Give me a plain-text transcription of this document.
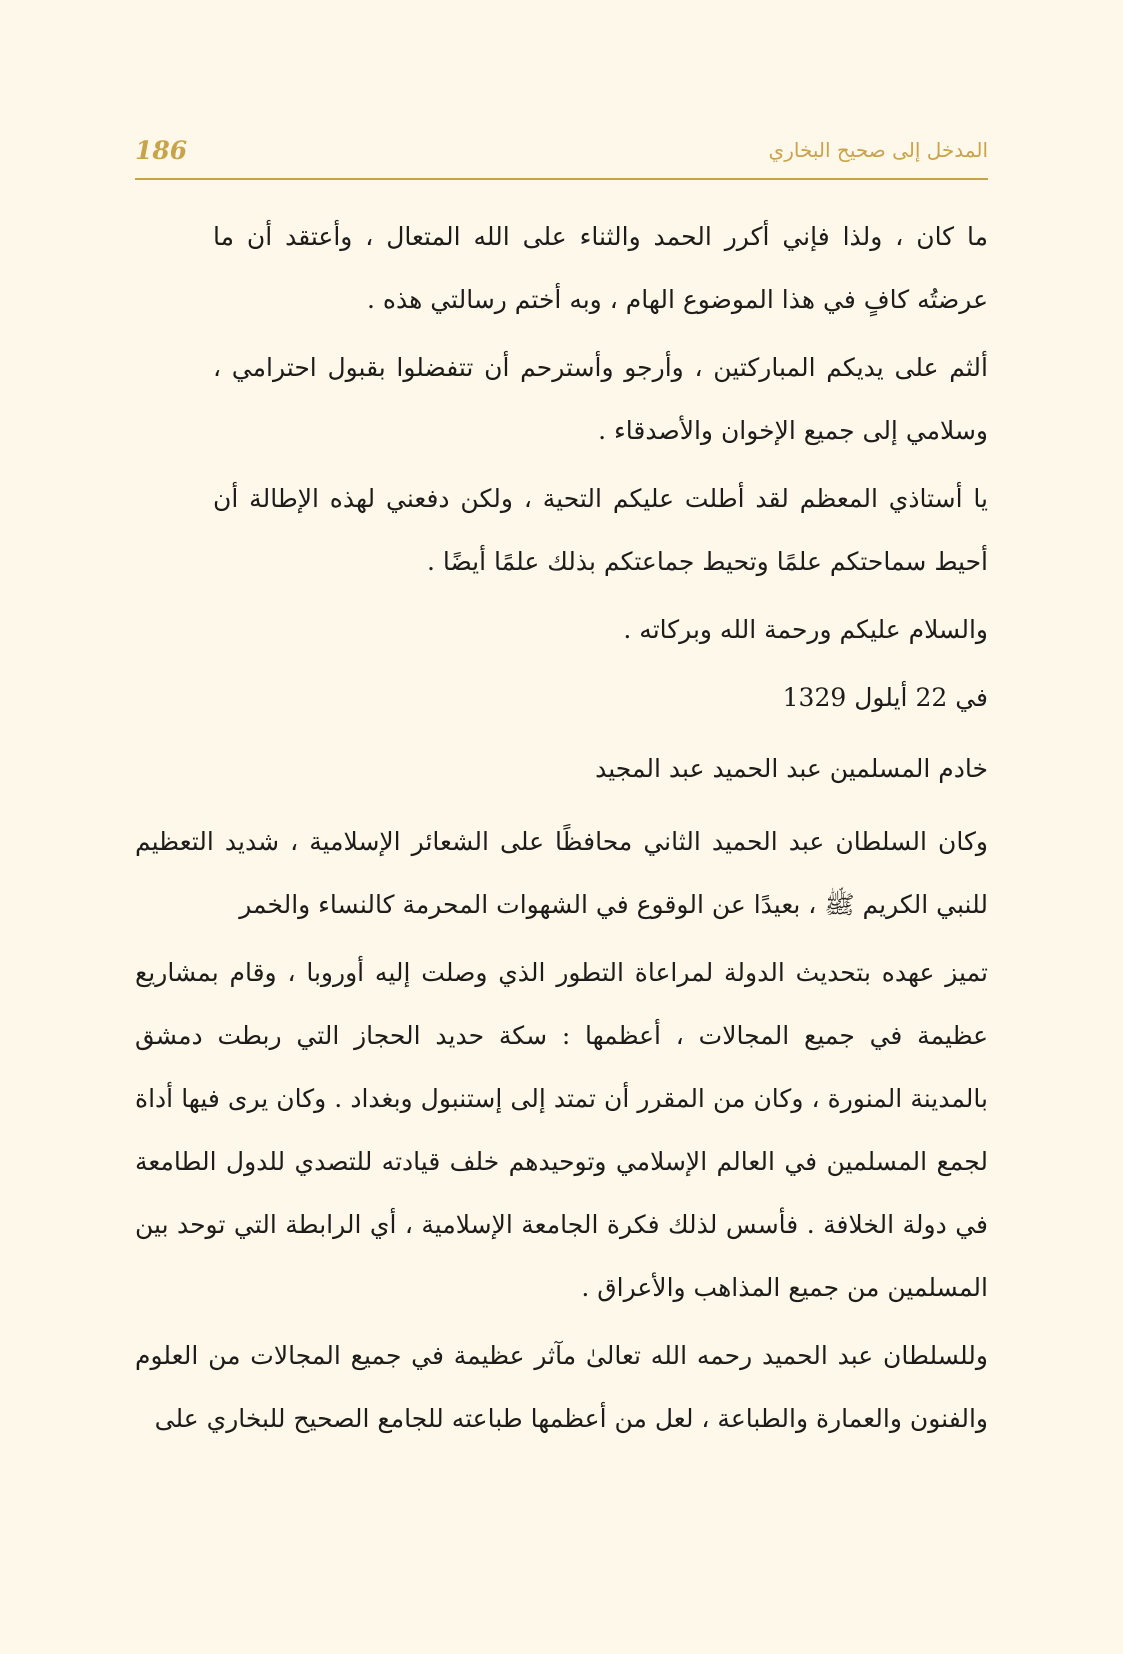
186	المدخل إلى صحيح البخاري

ما كان ، ولذا فإني أكرر الحمد والثناء على الله المتعال ، وأعتقد أن ما عرضتُه كافٍ في هذا الموضوع الهام ، وبه أختم رسالتي هذه .

ألثم على يديكم المباركتين ، وأرجو وأسترحم أن تتفضلوا بقبول احترامي ، وسلامي إلى جميع الإخوان والأصدقاء .

يا أستاذي المعظم لقد أطلت عليكم التحية ، ولكن دفعني لهذه الإطالة أن أحيط سماحتكم علمًا وتحيط جماعتكم بذلك علمًا أيضًا .

والسلام عليكم ورحمة الله وبركاته .

في 22 أيلول 1329

خادم المسلمين عبد الحميد عبد المجيد

وكان السلطان عبد الحميد الثاني محافظًا على الشعائر الإسلامية ، شديد التعظيم للنبي الكريم ﷺ ، بعيدًا عن الوقوع في الشهوات المحرمة كالنساء والخمر

تميز عهده بتحديث الدولة لمراعاة التطور الذي وصلت إليه أوروبا ، وقام بمشاريع عظيمة في جميع المجالات ، أعظمها : سكة حديد الحجاز التي ربطت دمشق بالمدينة المنورة ، وكان من المقرر أن تمتد إلى إستنبول وبغداد . وكان يرى فيها أداة لجمع المسلمين في العالم الإسلامي وتوحيدهم خلف قيادته للتصدي للدول الطامعة في دولة الخلافة . فأسس لذلك فكرة الجامعة الإسلامية ، أي الرابطة التي توحد بين المسلمين من جميع المذاهب والأعراق .

وللسلطان عبد الحميد رحمه الله تعالىٰ مآثر عظيمة في جميع المجالات من العلوم والفنون والعمارة والطباعة ، لعل من أعظمها طباعته للجامع الصحيح للبخاري على
